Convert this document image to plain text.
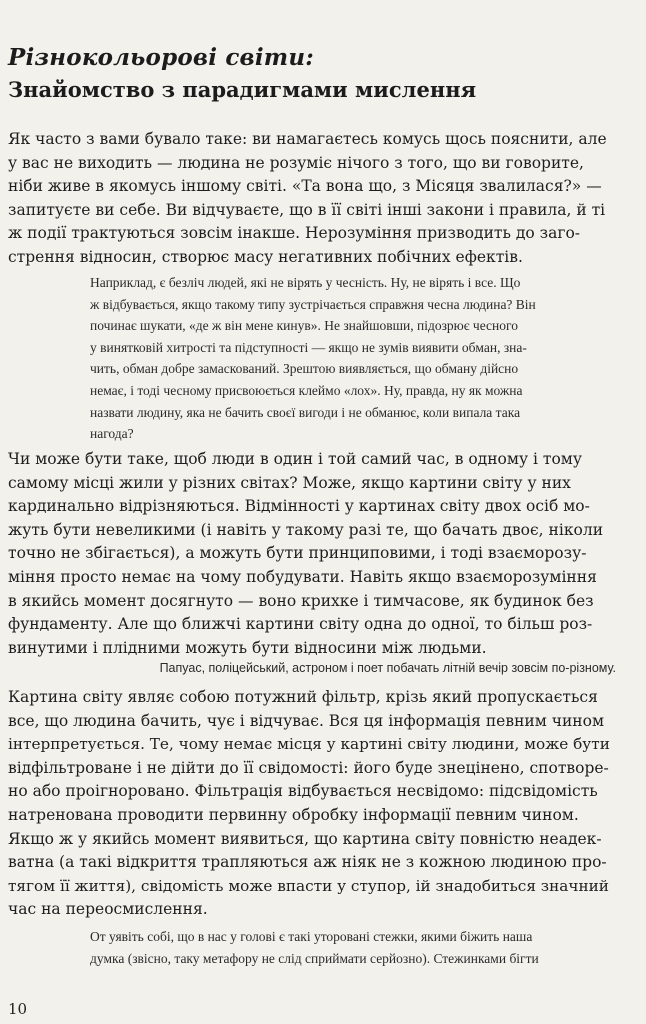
Різнокольорові світи:
Знайомство з парадигмами мислення

Як часто з вами бувало таке: ви намагаєтесь комусь щось пояснити, але
у вас не виходить — людина не розуміє нічого з того, що ви говорите,
ніби живе в якомусь іншому світі. «Та вона що, з Місяця звалилася?» —
запитуєте ви себе. Ви відчуваєте, що в її світі інші закони і правила, й ті
ж події трактуються зовсім інакше. Нерозуміння призводить до заго-
стрення відносин, створює масу негативних побічних ефектів.

Наприклад, є безліч людей, які не вірять у чесність. Ну, не вірять і все. Що
ж відбувається, якщо такому типу зустрічається справжня чесна людина? Він
починає шукати, «де ж він мене кинув». Не знайшовши, підозрює чесного
у винятковій хитрості та підступності — якщо не зумів виявити обман, зна-
чить, обман добре замаскований. Зрештою виявляється, що обману дійсно
немає, і тоді чесному присвоюється клеймо «лох». Ну, правда, ну як можна
назвати людину, яка не бачить своєї вигоди і не обманює, коли випала така
нагода?

Чи може бути таке, щоб люди в один і той самий час, в одному і тому
самому місці жили у різних світах? Може, якщо картини світу у них
кардинально відрізняються. Відмінності у картинах світу двох осіб мо-
жуть бути невеликими (і навіть у такому разі те, що бачать двоє, ніколи
точно не збігається), а можуть бути принциповими, і тоді взаєморозу-
міння просто немає на чому побудувати. Навіть якщо взаєморозуміння
в якийсь момент досягнуто — воно крихке і тимчасове, як будинок без
фундаменту. Але що ближчі картини світу одна до одної, то більш роз-
винутими і плідними можуть бути відносини між людьми.

Папуас, поліцейський, астроном і поет побачать літній вечір зовсім по-різному.

Картина світу являє собою потужний фільтр, крізь який пропускається
все, що людина бачить, чує і відчуває. Вся ця інформація певним чином
інтерпретується. Те, чому немає місця у картині світу людини, може бути
відфільтроване і не дійти до її свідомості: його буде знецінено, спотворе-
но або проігноровано. Фільтрація відбувається несвідомо: підсвідомість
натренована проводити первинну обробку інформації певним чином.
Якщо ж у якийсь момент виявиться, що картина світу повністю неадек-
ватна (а такі відкриття трапляються аж ніяк не з кожною людиною про-
тягом її життя), свідомість може впасти у ступор, ій знадобиться значний
час на переосмислення.

От уявіть собі, що в нас у голові є такі уторовані стежки, якими біжить наша
думка (звісно, таку метафору не слід сприймати серйозно). Стежинками бігти

10
